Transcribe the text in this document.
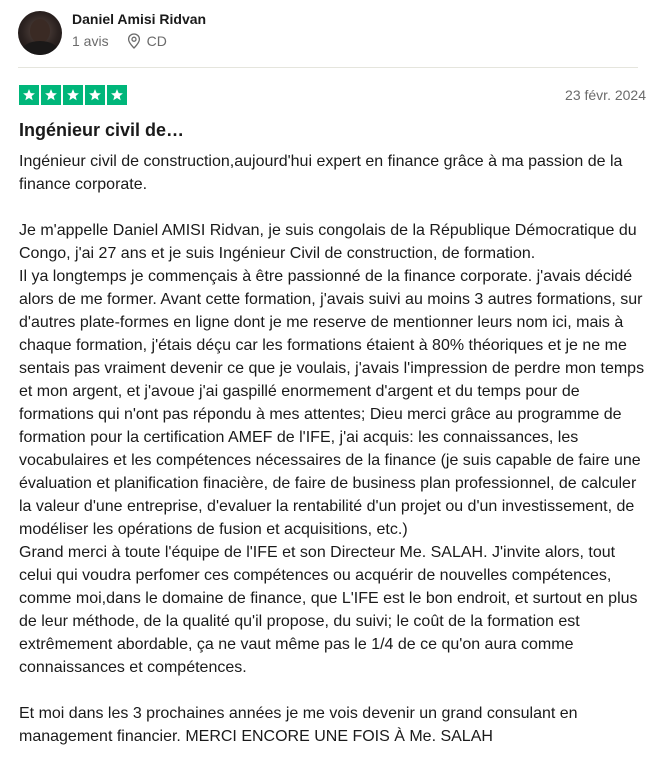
Daniel Amisi Ridvan
1 avis	CD
23 févr. 2024
Ingénieur civil de…

Ingénieur civil de construction,aujourd'hui expert en finance grâce à ma passion de la finance corporate.

Je m'appelle Daniel AMISI Ridvan, je suis congolais de la République Démocratique du Congo, j'ai 27 ans et je suis Ingénieur Civil de construction, de formation.
Il ya longtemps je commençais à être passionné de la finance corporate. j'avais décidé alors de me former. Avant cette formation, j'avais suivi au moins 3 autres formations, sur d'autres plate-formes en ligne dont je me reserve de mentionner leurs nom ici, mais à chaque formation, j'étais déçu car les formations étaient à 80% théoriques et je ne me sentais pas vraiment devenir ce que je voulais, j'avais l'impression de perdre mon temps et mon argent, et j'avoue j'ai gaspillé enormement d'argent et du temps pour de formations qui n'ont pas répondu à mes attentes; Dieu merci grâce au programme de formation pour la certification AMEF de l'IFE, j'ai acquis: les connaissances, les vocabulaires et les compétences nécessaires de la finance (je suis capable de faire une évaluation et planification finacière, de faire de business plan professionnel, de calculer la valeur d'une entreprise, d'evaluer la rentabilité d'un projet ou d'un investissement, de modéliser les opérations de fusion et acquisitions, etc.)
Grand merci à toute l'équipe de l'IFE et son Directeur Me. SALAH. J'invite alors, tout celui qui voudra perfomer ces compétences ou acquérir de nouvelles compétences, comme moi,dans le domaine de finance, que L'IFE est le bon endroit, et surtout en plus de leur méthode, de la qualité qu'il propose, du suivi; le coût de la formation est extrêmement abordable, ça ne vaut même pas le 1/4 de ce qu'on aura comme connaissances et compétences.

Et moi dans les 3 prochaines années je me vois devenir un grand consulant en management financier. MERCI ENCORE UNE FOIS À Me. SALAH
